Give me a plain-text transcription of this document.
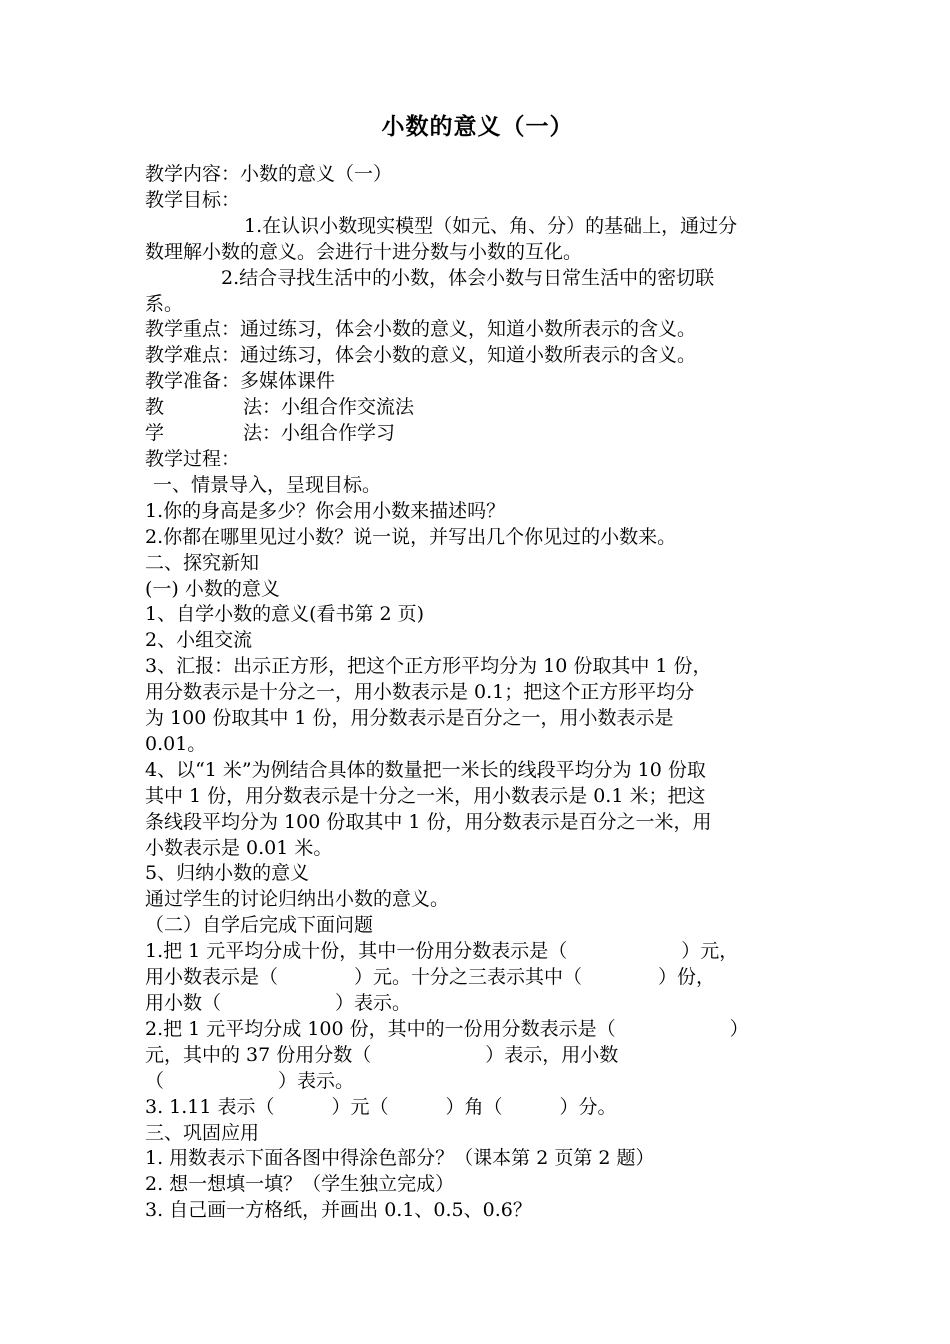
小数的意义（一）
教学内容：小数的意义（一）
教学目标：
1.在认识小数现实模型（如元、角、分）的基础上，通过分
数理解小数的意义。会进行十进分数与小数的互化。
2.结合寻找生活中的小数，体会小数与日常生活中的密切联
系。
教学重点：通过练习，体会小数的意义，知道小数所表示的含义。
教学难点：通过练习，体会小数的意义，知道小数所表示的含义。
教学准备：多媒体课件
教	法：小组合作交流法
学	法：小组合作学习
教学过程：
一、情景导入，呈现目标。
1.你的身高是多少？你会用小数来描述吗？
2.你都在哪里见过小数？说一说，并写出几个你见过的小数来。
二、探究新知
(一) 小数的意义
1、自学小数的意义(看书第 2 页)
2、小组交流
3、汇报：出示正方形，把这个正方形平均分为 10 份取其中 1 份，
用分数表示是十分之一，用小数表示是 0.1；把这个正方形平均分
为 100 份取其中 1 份，用分数表示是百分之一，用小数表示是
0.01。
4、以“1 米”为例结合具体的数量把一米长的线段平均分为 10 份取
其中 1 份，用分数表示是十分之一米，用小数表示是 0.1 米；把这
条线段平均分为 100 份取其中 1 份，用分数表示是百分之一米，用
小数表示是 0.01 米。
5、归纳小数的意义
通过学生的讨论归纳出小数的意义。
（二）自学后完成下面问题
1.把 1 元平均分成十份，其中一份用分数表示是（　　　　　　）元，
用小数表示是（　　　　）元。十分之三表示其中（　　　　）份，
用小数（　　　　　　）表示。
2.把 1 元平均分成 100 份，其中的一份用分数表示是（　　　　　　）
元，其中的 37 份用分数（　　　　　　）表示，用小数
（　　　　　　）表示。
3. 1.11 表示（　　　）元（　　　）角（　　　）分。
三、巩固应用
1. 用数表示下面各图中得涂色部分？（课本第 2 页第 2 题）
2. 想一想填一填？（学生独立完成）
3. 自己画一方格纸，并画出 0.1、0.5、0.6？
